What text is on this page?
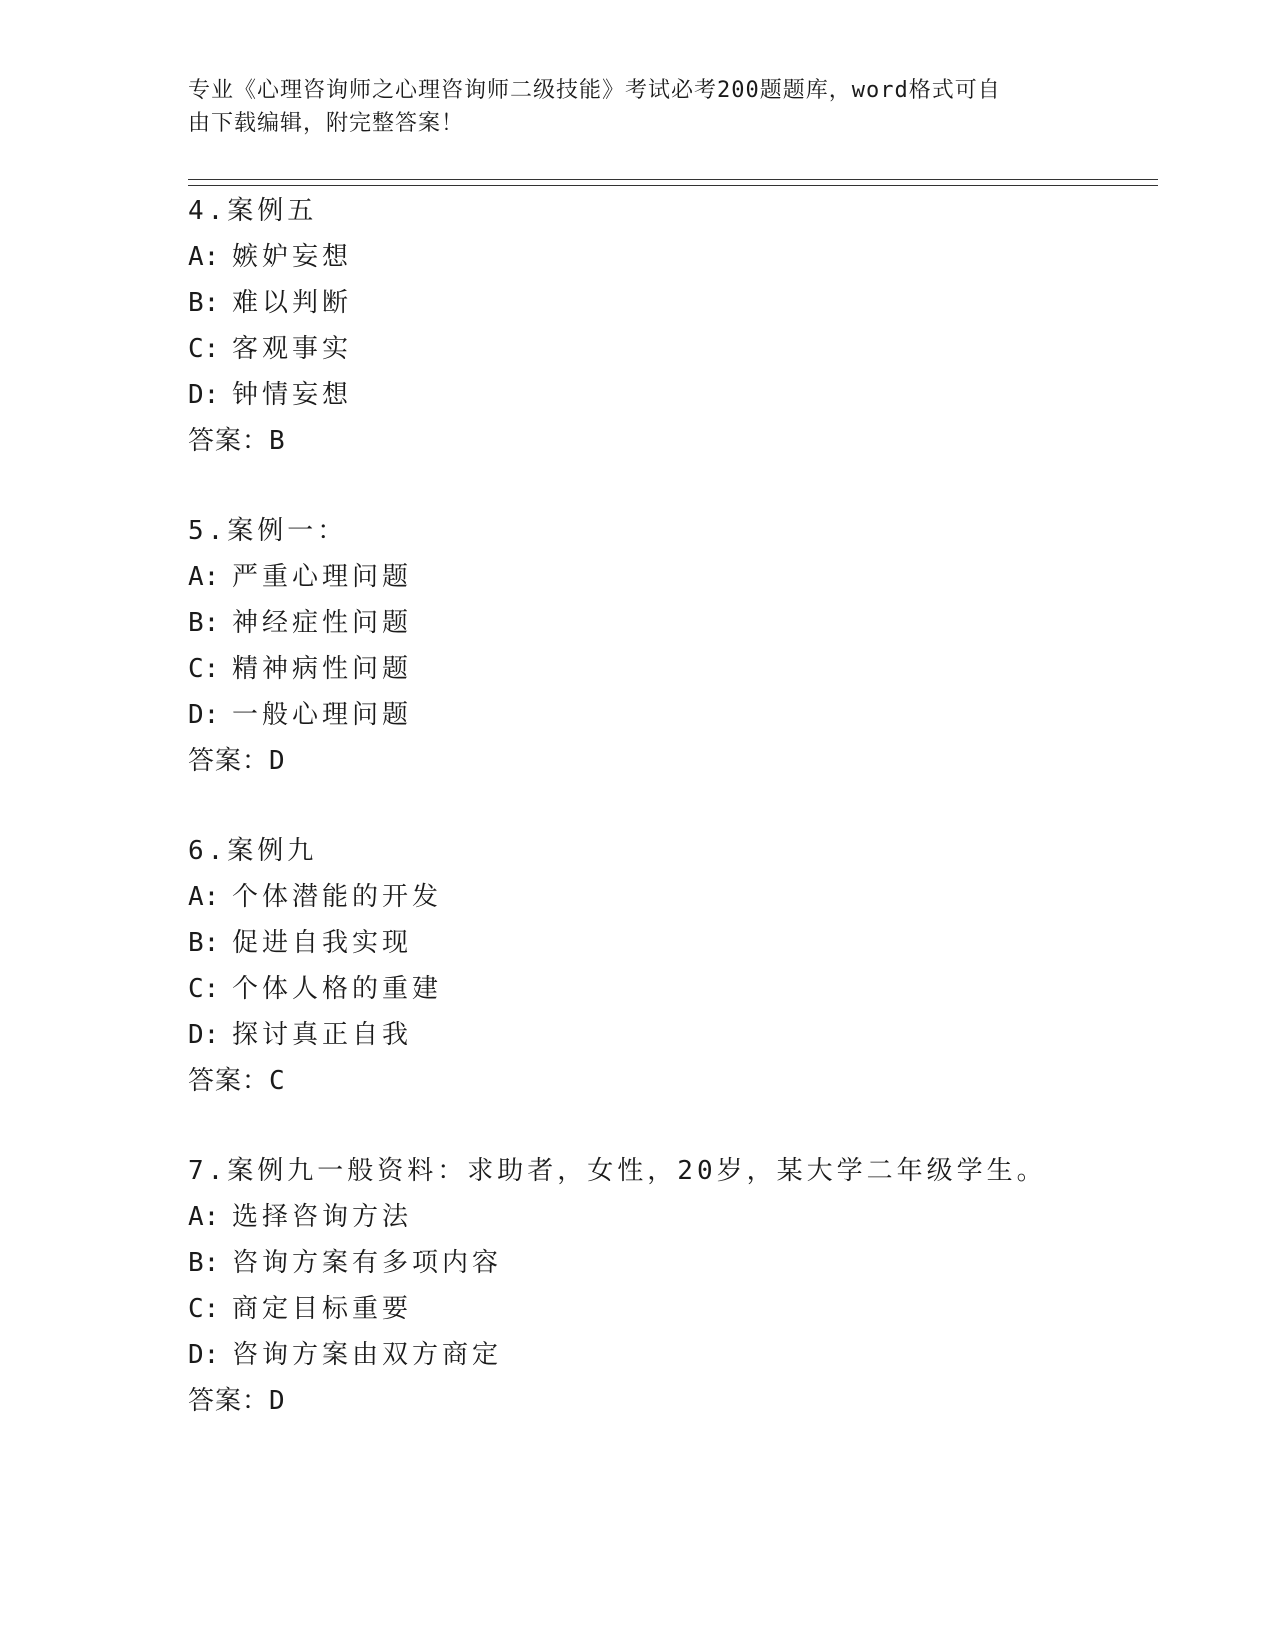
专业《心理咨询师之心理咨询师二级技能》考试必考200题题库，word格式可自
由下载编辑，附完整答案！
4.案例五
A: 嫉妒妄想
B: 难以判断
C: 客观事实
D: 钟情妄想
答案：B
5.案例一：
A: 严重心理问题
B: 神经症性问题
C: 精神病性问题
D: 一般心理问题
答案：D
6.案例九
A: 个体潜能的开发
B: 促进自我实现
C: 个体人格的重建
D: 探讨真正自我
答案：C
7.案例九一般资料：求助者，女性，20岁，某大学二年级学生。
A: 选择咨询方法
B: 咨询方案有多项内容
C: 商定目标重要
D: 咨询方案由双方商定
答案：D
